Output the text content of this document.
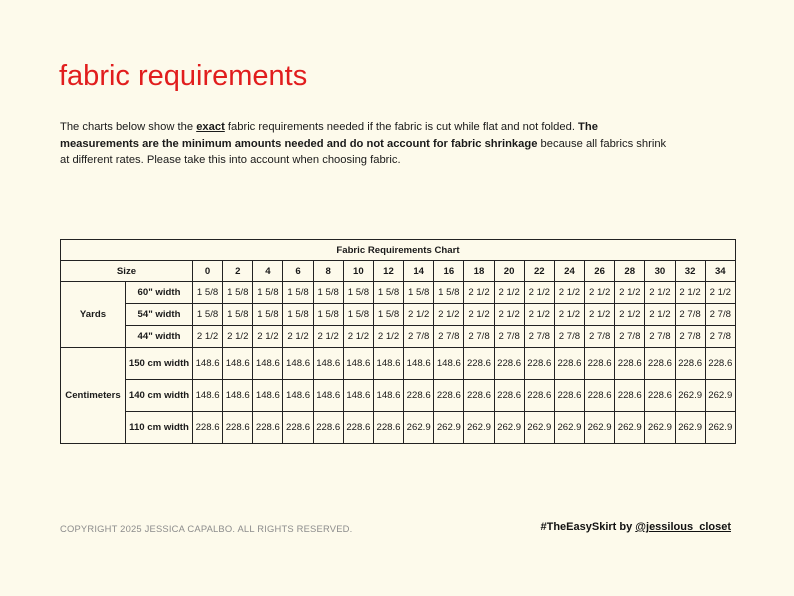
fabric requirements

The charts below show the exact fabric requirements needed if the fabric is cut while flat and not folded. The measurements are the minimum amounts needed and do not account for fabric shrinkage because all fabrics shrink at different rates. Please take this into account when choosing fabric.

Fabric Requirements Chart																			
Size		0	2	4	6	8	10	12	14	16	18	20	22	24	26	28	30	32	34
Yards	60" width	1 5/8	1 5/8	1 5/8	1 5/8	1 5/8	1 5/8	1 5/8	1 5/8	1 5/8	2 1/2	2 1/2	2 1/2	2 1/2	2 1/2	2 1/2	2 1/2	2 1/2	2 1/2
	54" width	1 5/8	1 5/8	1 5/8	1 5/8	1 5/8	1 5/8	1 5/8	2 1/2	2 1/2	2 1/2	2 1/2	2 1/2	2 1/2	2 1/2	2 1/2	2 1/2	2 7/8	2 7/8
	44" width	2 1/2	2 1/2	2 1/2	2 1/2	2 1/2	2 1/2	2 1/2	2 7/8	2 7/8	2 7/8	2 7/8	2 7/8	2 7/8	2 7/8	2 7/8	2 7/8	2 7/8	2 7/8
Centimeters	150 cm width	148.6	148.6	148.6	148.6	148.6	148.6	148.6	148.6	148.6	228.6	228.6	228.6	228.6	228.6	228.6	228.6	228.6	228.6
	140 cm width	148.6	148.6	148.6	148.6	148.6	148.6	148.6	228.6	228.6	228.6	228.6	228.6	228.6	228.6	228.6	228.6	262.9	262.9
	110 cm width	228.6	228.6	228.6	228.6	228.6	228.6	228.6	262.9	262.9	262.9	262.9	262.9	262.9	262.9	262.9	262.9	262.9	262.9
COPYRIGHT 2025 JESSICA CAPALBO. ALL RIGHTS RESERVED.	#TheEasySkirt by @jessilous_closet
